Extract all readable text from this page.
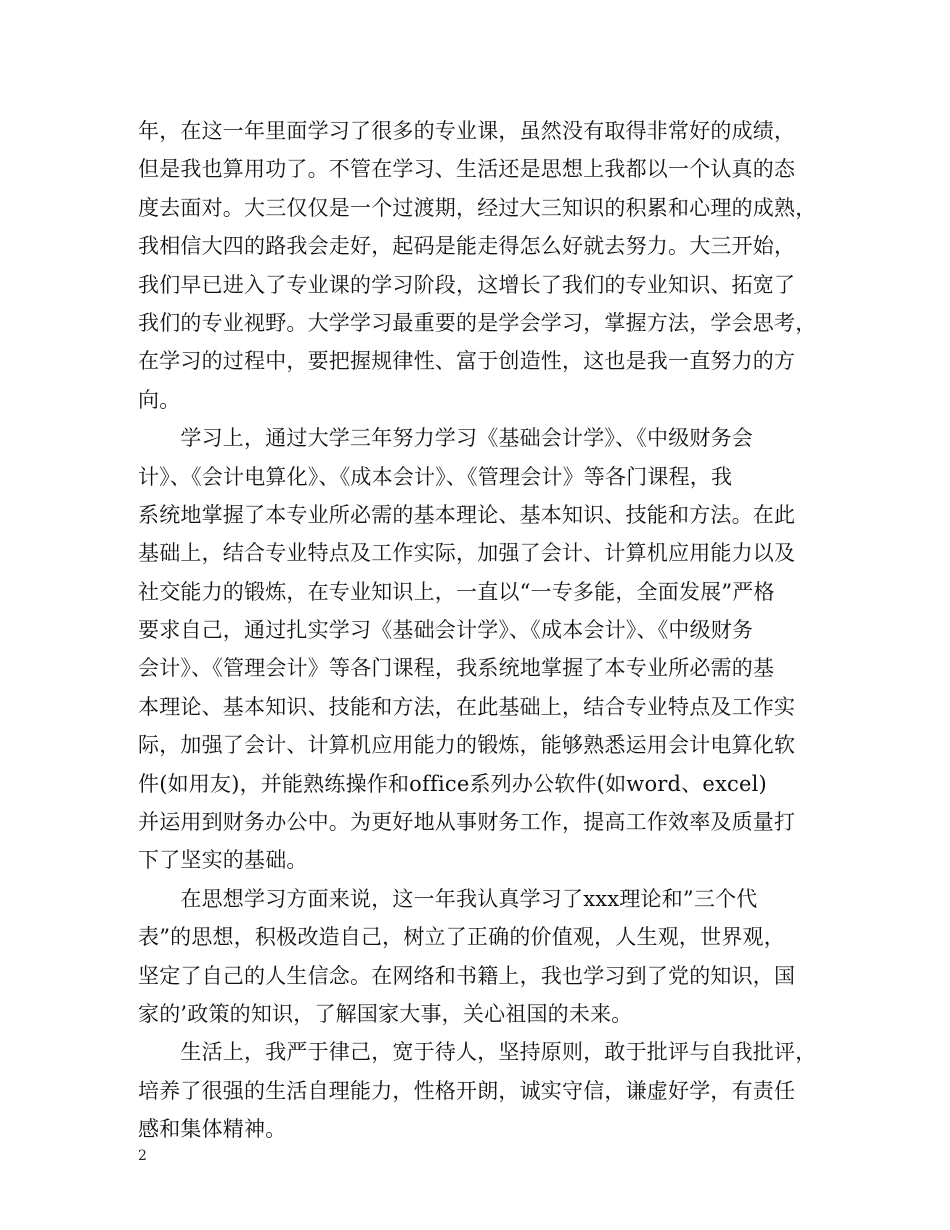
年，在这一年里面学习了很多的专业课，虽然没有取得非常好的成绩，
但是我也算用功了。不管在学习、生活还是思想上我都以一个认真的态
度去面对。大三仅仅是一个过渡期，经过大三知识的积累和心理的成熟，
我相信大四的路我会走好，起码是能走得怎么好就去努力。大三开始，
我们早已进入了专业课的学习阶段，这增长了我们的专业知识、拓宽了
我们的专业视野。大学学习最重要的是学会学习，掌握方法，学会思考，
在学习的过程中，要把握规律性、富于创造性，这也是我一直努力的方
向。
　　学习上，通过大学三年努力学习《基础会计学》、《中级财务会
计》、《会计电算化》、《成本会计》、《管理会计》等各门课程，我
系统地掌握了本专业所必需的基本理论、基本知识、技能和方法。在此
基础上，结合专业特点及工作实际，加强了会计、计算机应用能力以及
社交能力的锻炼，在专业知识上，一直以“一专多能，全面发展”严格
要求自己，通过扎实学习《基础会计学》、《成本会计》、《中级财务
会计》、《管理会计》等各门课程，我系统地掌握了本专业所必需的基
本理论、基本知识、技能和方法，在此基础上，结合专业特点及工作实
际，加强了会计、计算机应用能力的锻炼，能够熟悉运用会计电算化软
件(如用友)，并能熟练操作和office系列办公软件(如word、excel)
并运用到财务办公中。为更好地从事财务工作，提高工作效率及质量打
下了坚实的基础。
　　在思想学习方面来说，这一年我认真学习了xxx理论和”三个代
表”的思想，积极改造自己，树立了正确的价值观，人生观，世界观，
坚定了自己的人生信念。在网络和书籍上，我也学习到了党的知识，国
家的’政策的知识，了解国家大事，关心祖国的未来。
　　生活上，我严于律己，宽于待人，坚持原则，敢于批评与自我批评，
培养了很强的生活自理能力，性格开朗，诚实守信，谦虚好学，有责任
感和集体精神。
2
